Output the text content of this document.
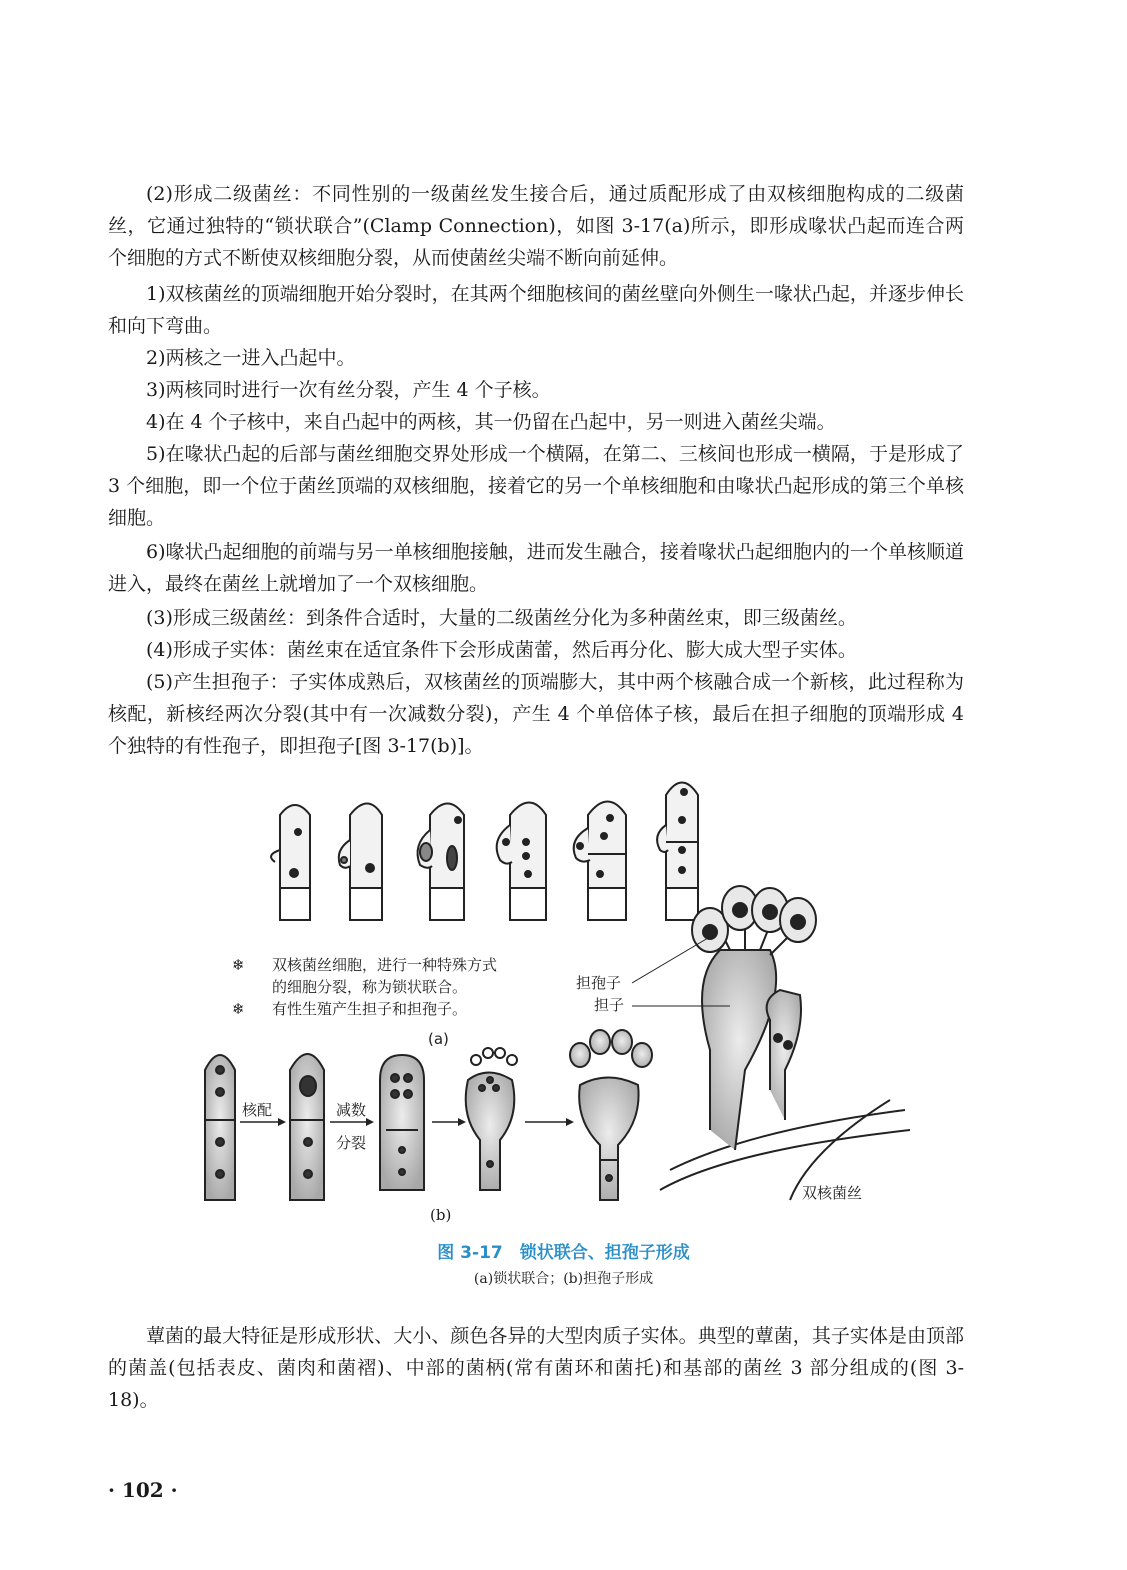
(2)形成二级菌丝：不同性别的一级菌丝发生接合后，通过质配形成了由双核细胞构成的二级菌丝，它通过独特的“锁状联合”(Clamp Connection)，如图 3-17(a)所示，即形成喙状凸起而连合两个细胞的方式不断使双核细胞分裂，从而使菌丝尖端不断向前延伸。

1)双核菌丝的顶端细胞开始分裂时，在其两个细胞核间的菌丝壁向外侧生一喙状凸起，并逐步伸长和向下弯曲。

2)两核之一进入凸起中。

3)两核同时进行一次有丝分裂，产生 4 个子核。

4)在 4 个子核中，来自凸起中的两核，其一仍留在凸起中，另一则进入菌丝尖端。

5)在喙状凸起的后部与菌丝细胞交界处形成一个横隔，在第二、三核间也形成一横隔，于是形成了 3 个细胞，即一个位于菌丝顶端的双核细胞，接着它的另一个单核细胞和由喙状凸起形成的第三个单核细胞。

6)喙状凸起细胞的前端与另一单核细胞接触，进而发生融合，接着喙状凸起细胞内的一个单核顺道进入，最终在菌丝上就增加了一个双核细胞。

(3)形成三级菌丝：到条件合适时，大量的二级菌丝分化为多种菌丝束，即三级菌丝。

(4)形成子实体：菌丝束在适宜条件下会形成菌蕾，然后再分化、膨大成大型子实体。

(5)产生担孢子：子实体成熟后，双核菌丝的顶端膨大，其中两个核融合成一个新核，此过程称为核配，新核经两次分裂(其中有一次减数分裂)，产生 4 个单倍体子核，最后在担子细胞的顶端形成 4 个独特的有性孢子，即担孢子[图 3-17(b)]。

❄ 双核菌丝细胞，进行一种特殊方式
的细胞分裂，称为锁状联合。
❄ 有性生殖产生担子和担孢子。
(a)
核配	减数
分裂
担孢子
担子
双核菌丝
(b)
图 3-17　锁状联合、担孢子形成
(a)锁状联合；(b)担孢子形成

蕈菌的最大特征是形成形状、大小、颜色各异的大型肉质子实体。典型的蕈菌，其子实体是由顶部的菌盖(包括表皮、菌肉和菌褶)、中部的菌柄(常有菌环和菌托)和基部的菌丝 3 部分组成的(图 3-18)。

· 102 ·
